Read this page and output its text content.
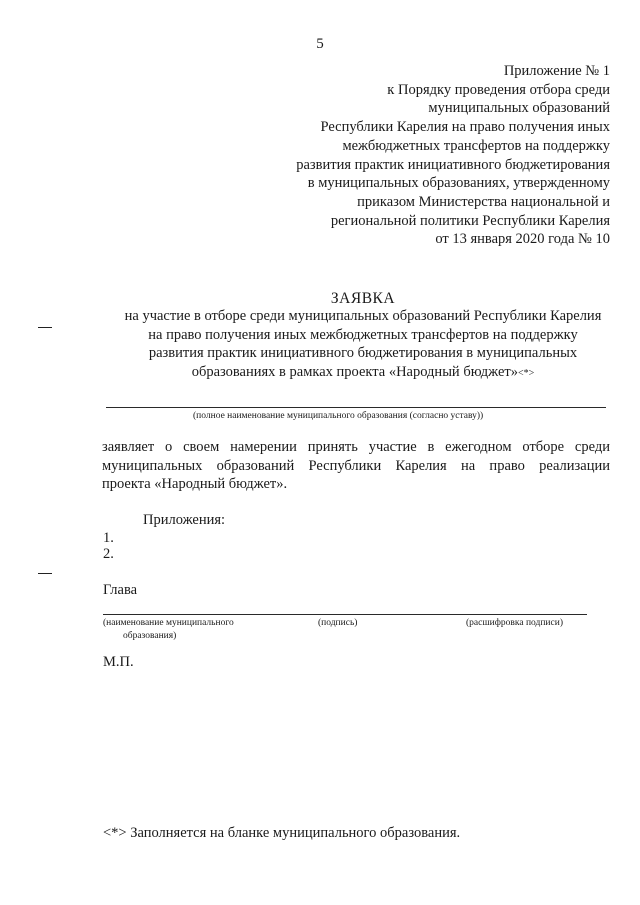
5
Приложение № 1
к Порядку проведения отбора среди
муниципальных образований
Республики Карелия на право получения иных
межбюджетных трансфертов на поддержку
развития практик инициативного бюджетирования
в муниципальных образованиях, утвержденному
приказом Министерства национальной и
региональной политики Республики Карелия
от 13 января 2020 года № 10
ЗАЯВКА
на участие в отборе среди муниципальных образований Республики Карелия
на право получения иных межбюджетных трансфертов на поддержку
развития практик инициативного бюджетирования в муниципальных
образованиях в рамках проекта «Народный бюджет»<*>
(полное наименование муниципального образования (согласно уставу))
заявляет о своем намерении принять участие в ежегодном отборе среди
муниципальных образований Республики Карелия на право реализации
проекта «Народный бюджет».
Приложения:
1.
2.
Глава
(наименование муниципального
образования)
(подпись)	(расшифровка подписи)
М.П.
<*> Заполняется на бланке муниципального образования.
